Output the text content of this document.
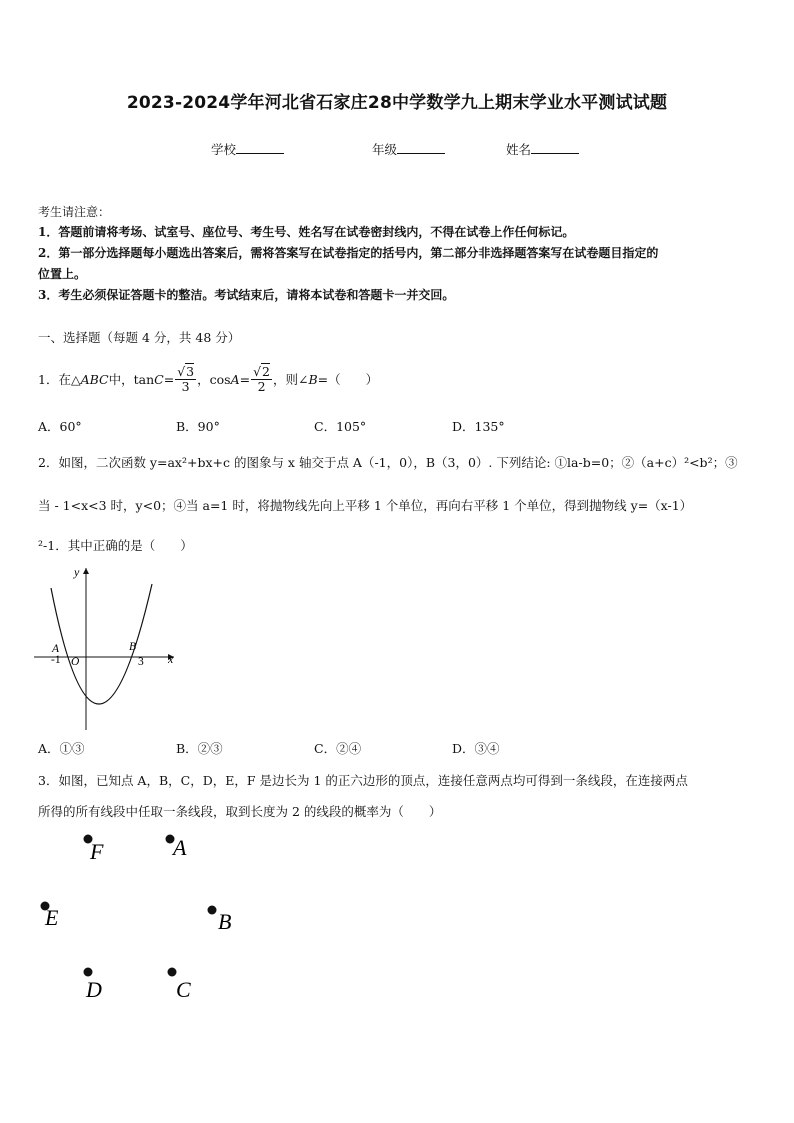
2023-2024学年河北省石家庄28中学数学九上期末学业水平测试试题
学校	年级	姓名
考生请注意：
1．答题前请将考场、试室号、座位号、考生号、姓名写在试卷密封线内，不得在试卷上作任何标记。
2．第一部分选择题每小题选出答案后，需将答案写在试卷指定的括号内，第二部分非选择题答案写在试卷题目指定的
位置上。
3．考生必须保证答题卡的整洁。考试结束后，请将本试卷和答题卡一并交回。
一、选择题（每题 4 分，共 48 分）
1．在△ ABC 中，$\tan C = \frac{√3}{3}$ ，$\cos A = \frac{√2}{2}$ ，则∠ B =（　　）
A．60°	B．90°	C．105°	D．135°
2．如图，二次函数 y=ax²+bx+c 的图象与 x 轴交于点 A（-1，0），B（3，0）. 下列结论: ①la-b=0；②（a+c）²<b²；③
当 - 1<x<3 时，y<0；④当 a=1 时，将抛物线先向上平移 1 个单位，再向右平移 1 个单位，得到抛物线 y=（x-1）
²-1．其中正确的是（　　）
y
x
A	B
-1 O	3
A．①③	B．②③	C．②④	D．③④
3．如图，已知点 A，B，C，D，E，F 是边长为 1 的正六边形的顶点，连接任意两点均可得到一条线段，在连接两点
所得的所有线段中任取一条线段，取到长度为 2 的线段的概率为（　　）
F	A
E	B
D	C
